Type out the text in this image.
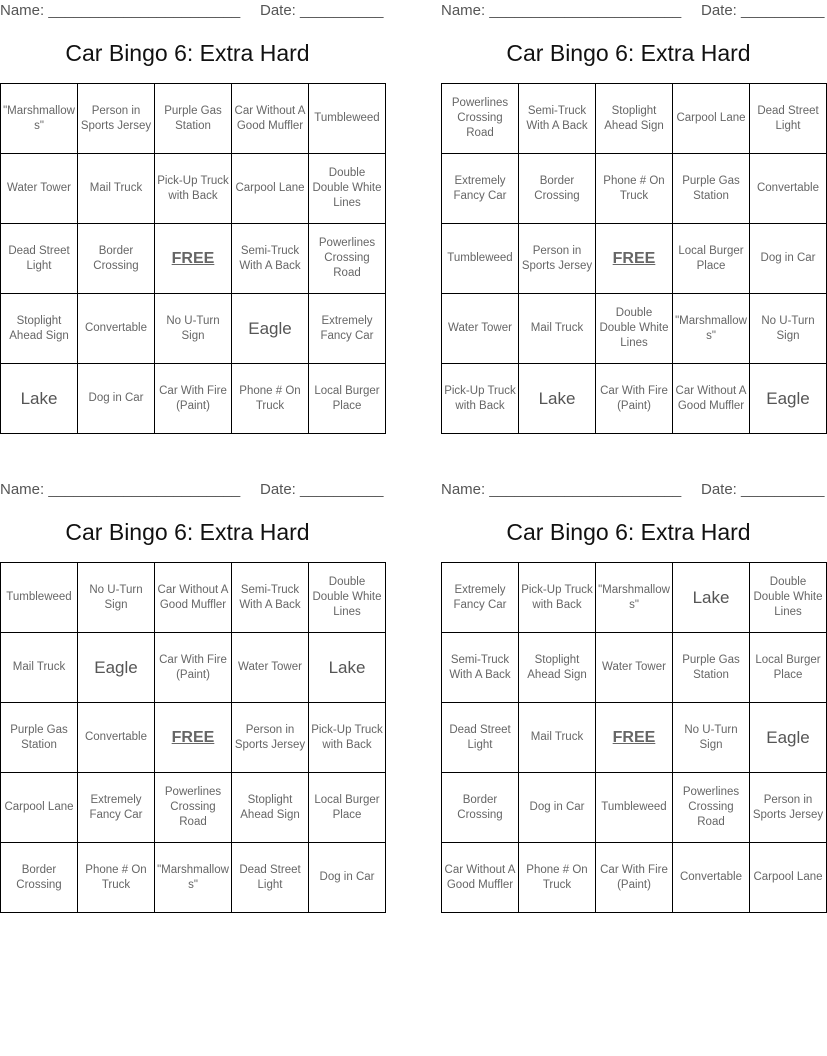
Name: _______________________ Date: __________
Car Bingo 6: Extra Hard
"Marshmallows"	Person in Sports Jersey	Purple Gas Station	Car Without A Good Muffler	Tumbleweed
Water Tower	Mail Truck	Pick-Up Truck with Back	Carpool Lane	Double Double White Lines
Dead Street Light	Border Crossing	FREE	Semi-Truck With A Back	Powerlines Crossing Road
Stoplight Ahead Sign	Convertable	No U-Turn Sign	Eagle	Extremely Fancy Car
Lake	Dog in Car	Car With Fire (Paint)	Phone # On Truck	Local Burger Place
Name: _______________________ Date: __________
Car Bingo 6: Extra Hard
Powerlines Crossing Road	Semi-Truck With A Back	Stoplight Ahead Sign	Carpool Lane	Dead Street Light
Extremely Fancy Car	Border Crossing	Phone # On Truck	Purple Gas Station	Convertable
Tumbleweed	Person in Sports Jersey	FREE	Local Burger Place	Dog in Car
Water Tower	Mail Truck	Double Double White Lines	"Marshmallows"	No U-Turn Sign
Pick-Up Truck with Back	Lake	Car With Fire (Paint)	Car Without A Good Muffler	Eagle
Name: _______________________ Date: __________
Car Bingo 6: Extra Hard
Tumbleweed	No U-Turn Sign	Car Without A Good Muffler	Semi-Truck With A Back	Double Double White Lines
Mail Truck	Eagle	Car With Fire (Paint)	Water Tower	Lake
Purple Gas Station	Convertable	FREE	Person in Sports Jersey	Pick-Up Truck with Back
Carpool Lane	Extremely Fancy Car	Powerlines Crossing Road	Stoplight Ahead Sign	Local Burger Place
Border Crossing	Phone # On Truck	"Marshmallows"	Dead Street Light	Dog in Car
Name: _______________________ Date: __________
Car Bingo 6: Extra Hard
Extremely Fancy Car	Pick-Up Truck with Back	"Marshmallows"	Lake	Double Double White Lines
Semi-Truck With A Back	Stoplight Ahead Sign	Water Tower	Purple Gas Station	Local Burger Place
Dead Street Light	Mail Truck	FREE	No U-Turn Sign	Eagle
Border Crossing	Dog in Car	Tumbleweed	Powerlines Crossing Road	Person in Sports Jersey
Car Without A Good Muffler	Phone # On Truck	Car With Fire (Paint)	Convertable	Carpool Lane
